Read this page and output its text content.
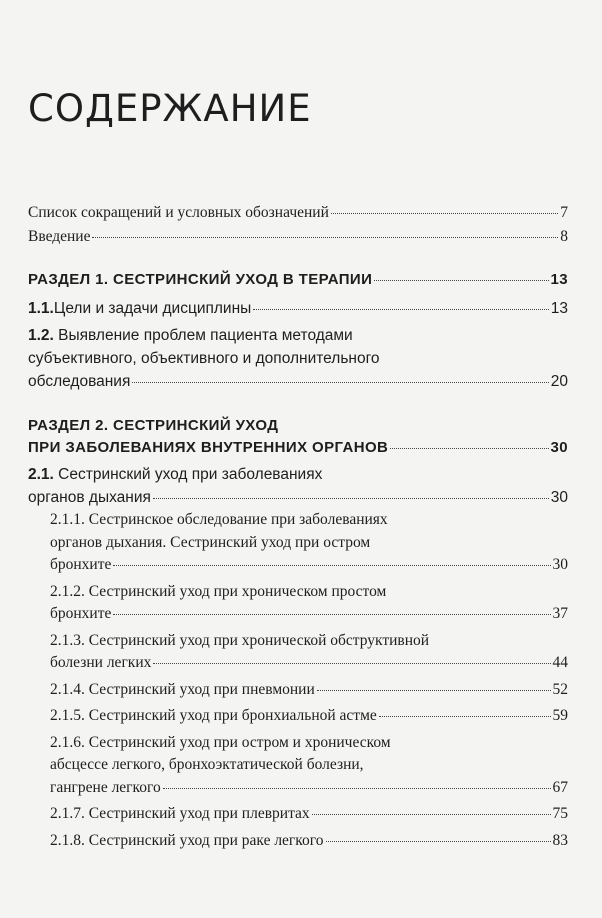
СОДЕРЖАНИЕ
Список сокращений и условных обозначений	7
Введение	8
РАЗДЕЛ 1. СЕСТРИНСКИЙ УХОД В ТЕРАПИИ	13
1.1. Цели и задачи дисциплины	13
1.2. Выявление проблем пациента методами
субъективного, объективного и дополнительного
обследования	20
РАЗДЕЛ 2. СЕСТРИНСКИЙ УХОД
ПРИ ЗАБОЛЕВАНИЯХ ВНУТРЕННИХ ОРГАНОВ	30
2.1. Сестринский уход при заболеваниях
органов дыхания	30
2.1.1. Сестринское обследование при заболеваниях
органов дыхания. Сестринский уход при остром
бронхите	30
2.1.2. Сестринский уход при хроническом простом
бронхите	37
2.1.3. Сестринский уход при хронической обструктивной
болезни легких	44
2.1.4. Сестринский уход при пневмонии	52
2.1.5. Сестринский уход при бронхиальной астме	59
2.1.6. Сестринский уход при остром и хроническом
абсцессе легкого, бронхоэктатической болезни,
гангрене легкого	67
2.1.7. Сестринский уход при плевритах	75
2.1.8. Сестринский уход при раке легкого	83
